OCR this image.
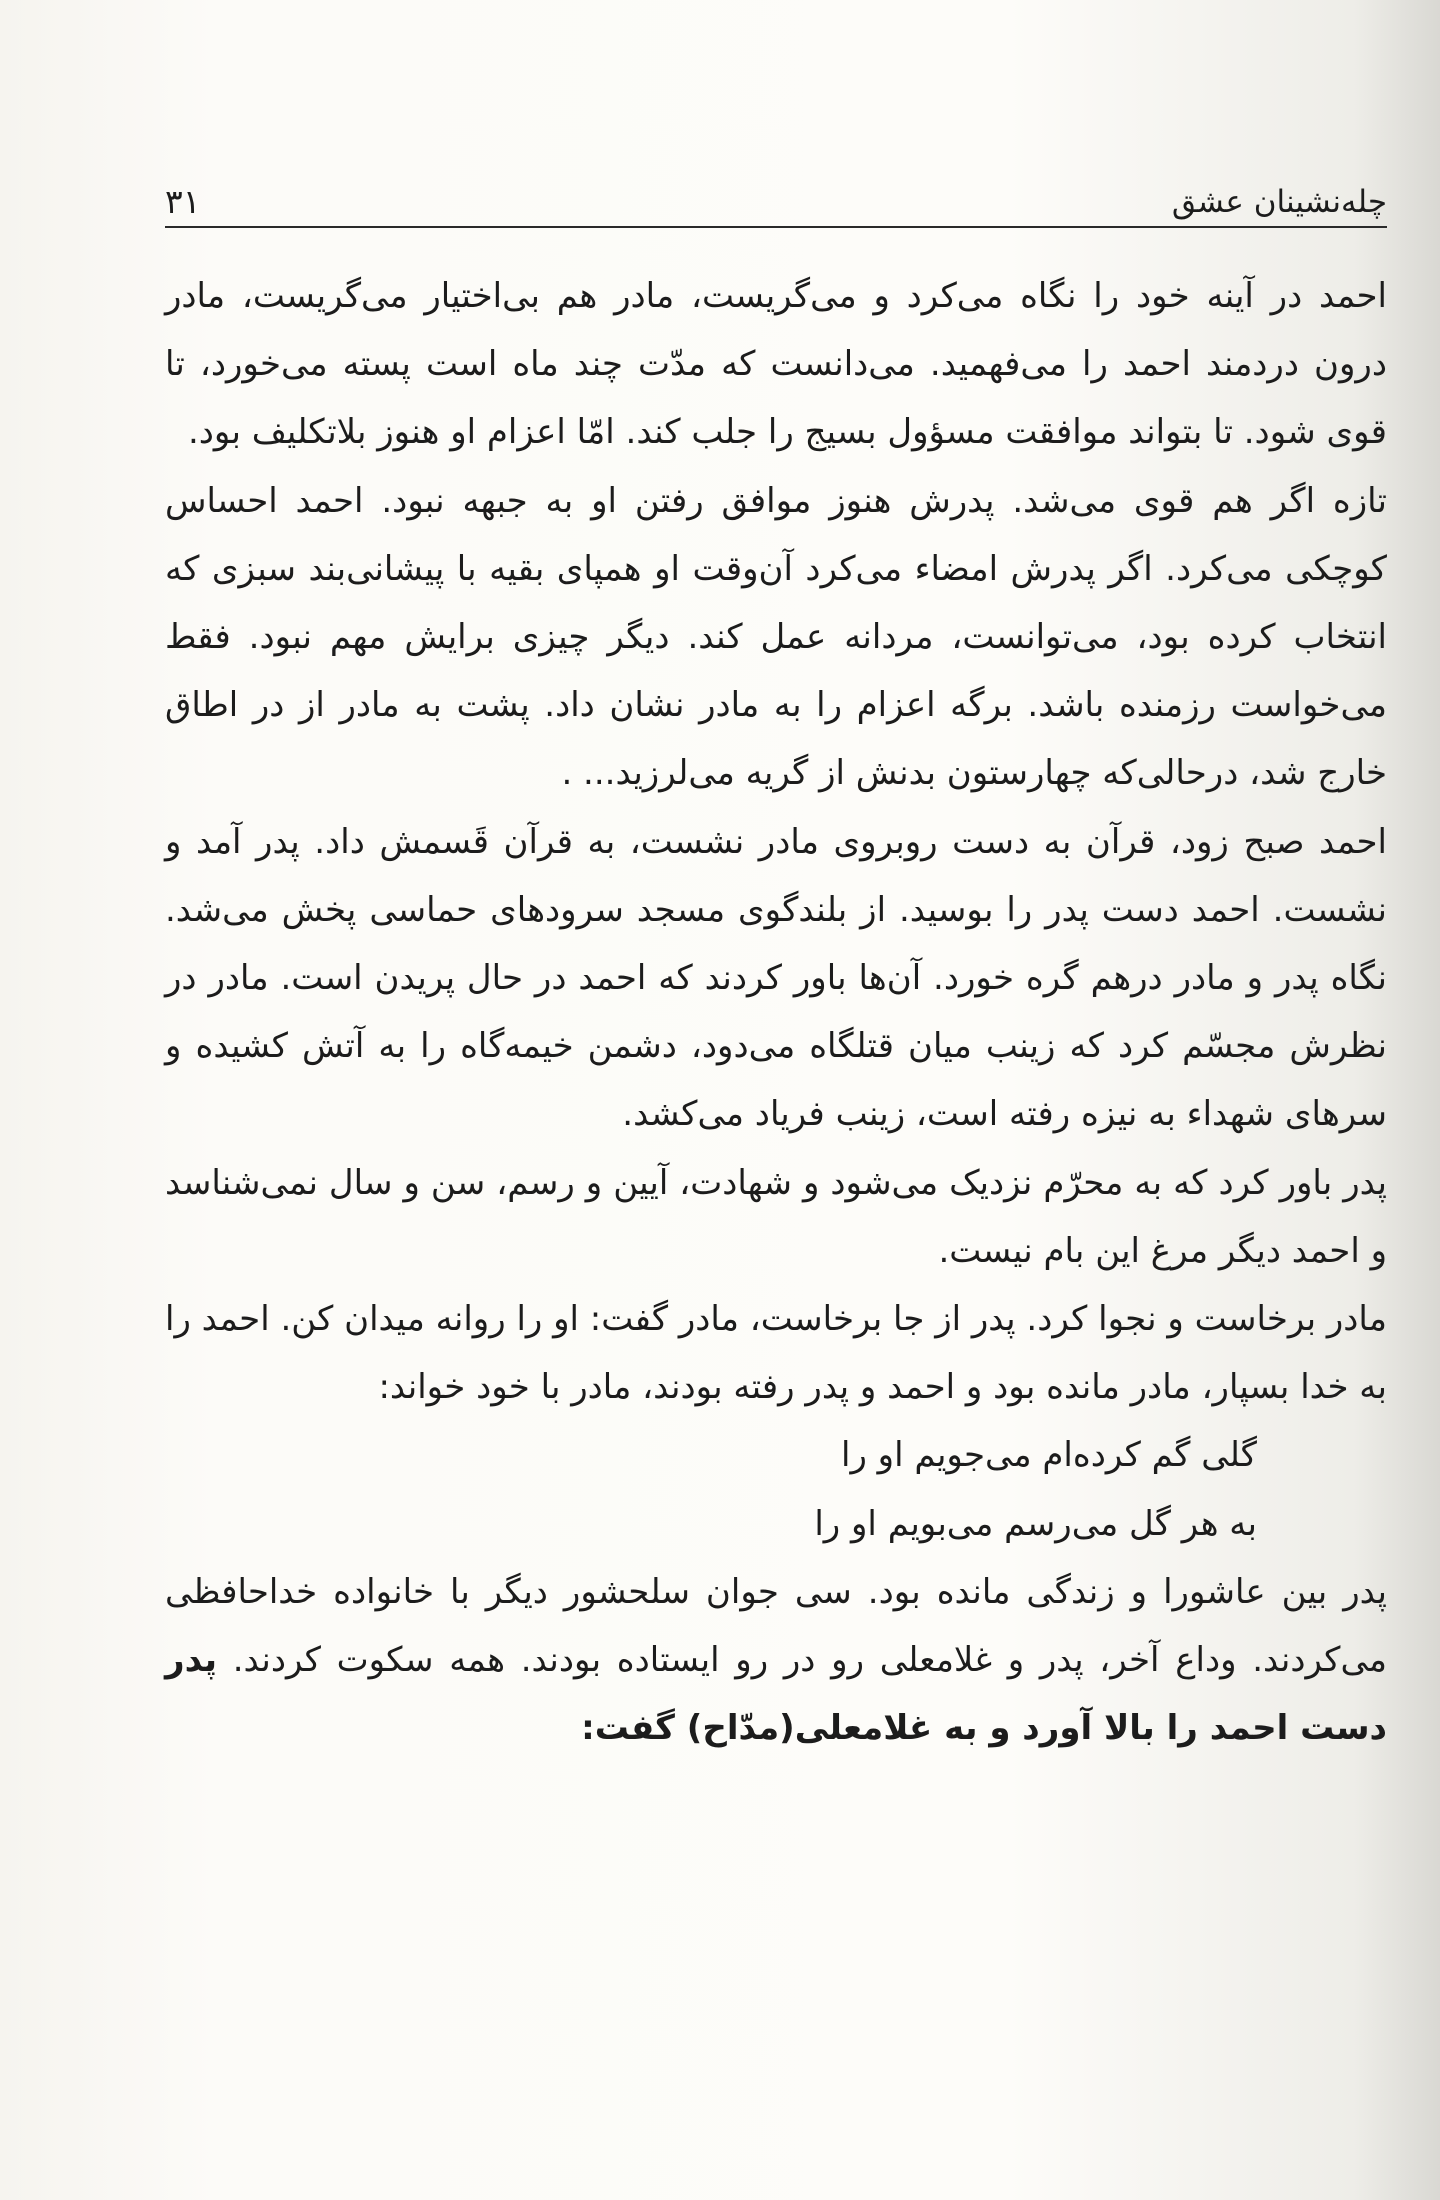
چله‌نشینان عشق
۳۱

احمد در آینه خود را نگاه می‌کرد و می‌گریست، مادر هم بی‌اختیار می‌گریست، مادر درون دردمند احمد را می‌فهمید. می‌دانست که مدّت چند ماه است پسته می‌خورد، تا قوی شود. تا بتواند موافقت مسؤول بسیج را جلب کند. امّا اعزام او هنوز بلاتکلیف بود.

تازه اگر هم قوی می‌شد. پدرش هنوز موافق رفتن او به جبهه نبود. احمد احساس کوچکی می‌کرد. اگر پدرش امضاء می‌کرد آن‌وقت او همپای بقیه با پیشانی‌بند سبزی که انتخاب کرده بود، می‌توانست، مردانه عمل کند. دیگر چیزی برایش مهم نبود. فقط می‌خواست رزمنده باشد. برگه اعزام را به مادر نشان داد. پشت به مادر از در اطاق خارج شد، درحالی‌که چهارستون بدنش از گریه می‌لرزید... .

احمد صبح زود، قرآن به دست روبروی مادر نشست، به قرآن قَسمش داد. پدر آمد و نشست. احمد دست پدر را بوسید. از بلندگوی مسجد سرودهای حماسی پخش می‌شد. نگاه پدر و مادر درهم گره خورد. آن‌ها باور کردند که احمد در حال پریدن است. مادر در نظرش مجسّم کرد که زینب میان قتلگاه می‌دود، دشمن خیمه‌گاه را به آتش کشیده و سرهای شهداء به نیزه رفته است، زینب فریاد می‌کشد.

پدر باور کرد که به محرّم نزدیک می‌شود و شهادت، آیین و رسم، سن و سال نمی‌شناسد و احمد دیگر مرغ این بام نیست.

مادر برخاست و نجوا کرد. پدر از جا برخاست، مادر گفت: او را روانه میدان کن. احمد را به خدا بسپار، مادر مانده بود و احمد و پدر رفته بودند، مادر با خود خواند:

گلی گم کرده‌ام می‌جویم او را

به هر گل می‌رسم می‌بویم او را

پدر بین عاشورا و زندگی مانده بود. سی جوان سلحشور دیگر با خانواده خداحافظی می‌کردند. وداع آخر، پدر و غلامعلی رو در رو ایستاده بودند. همه سکوت کردند. پدر دست احمد را بالا آورد و به غلامعلی(مدّاح) گفت:
